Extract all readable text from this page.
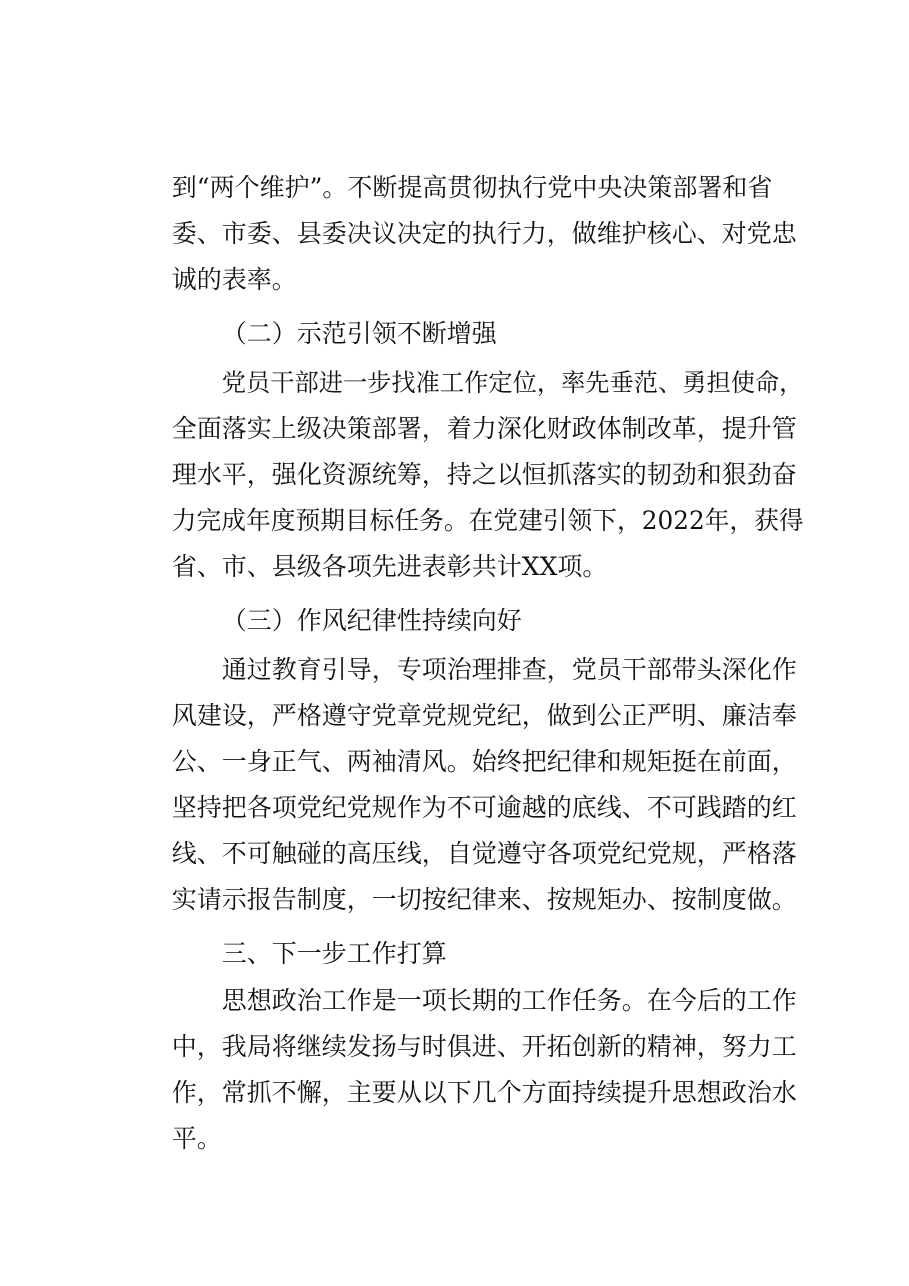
到“两个维护”。不断提高贯彻执行党中央决策部署和省

委、市委、县委决议决定的执行力，做维护核心、对党忠

诚的表率。

（二）示范引领不断增强

党员干部进一步找准工作定位，率先垂范、勇担使命，

全面落实上级决策部署，着力深化财政体制改革，提升管

理水平，强化资源统筹，持之以恒抓落实的韧劲和狠劲奋

力完成年度预期目标任务。在党建引领下，2022年，获得

省、市、县级各项先进表彰共计XX项。

（三）作风纪律性持续向好

通过教育引导，专项治理排查，党员干部带头深化作

风建设，严格遵守党章党规党纪，做到公正严明、廉洁奉

公、一身正气、两袖清风。始终把纪律和规矩挺在前面，

坚持把各项党纪党规作为不可逾越的底线、不可践踏的红

线、不可触碰的高压线，自觉遵守各项党纪党规，严格落

实请示报告制度，一切按纪律来、按规矩办、按制度做。

三、下一步工作打算

思想政治工作是一项长期的工作任务。在今后的工作

中，我局将继续发扬与时俱进、开拓创新的精神，努力工

作，常抓不懈，主要从以下几个方面持续提升思想政治水

平。
